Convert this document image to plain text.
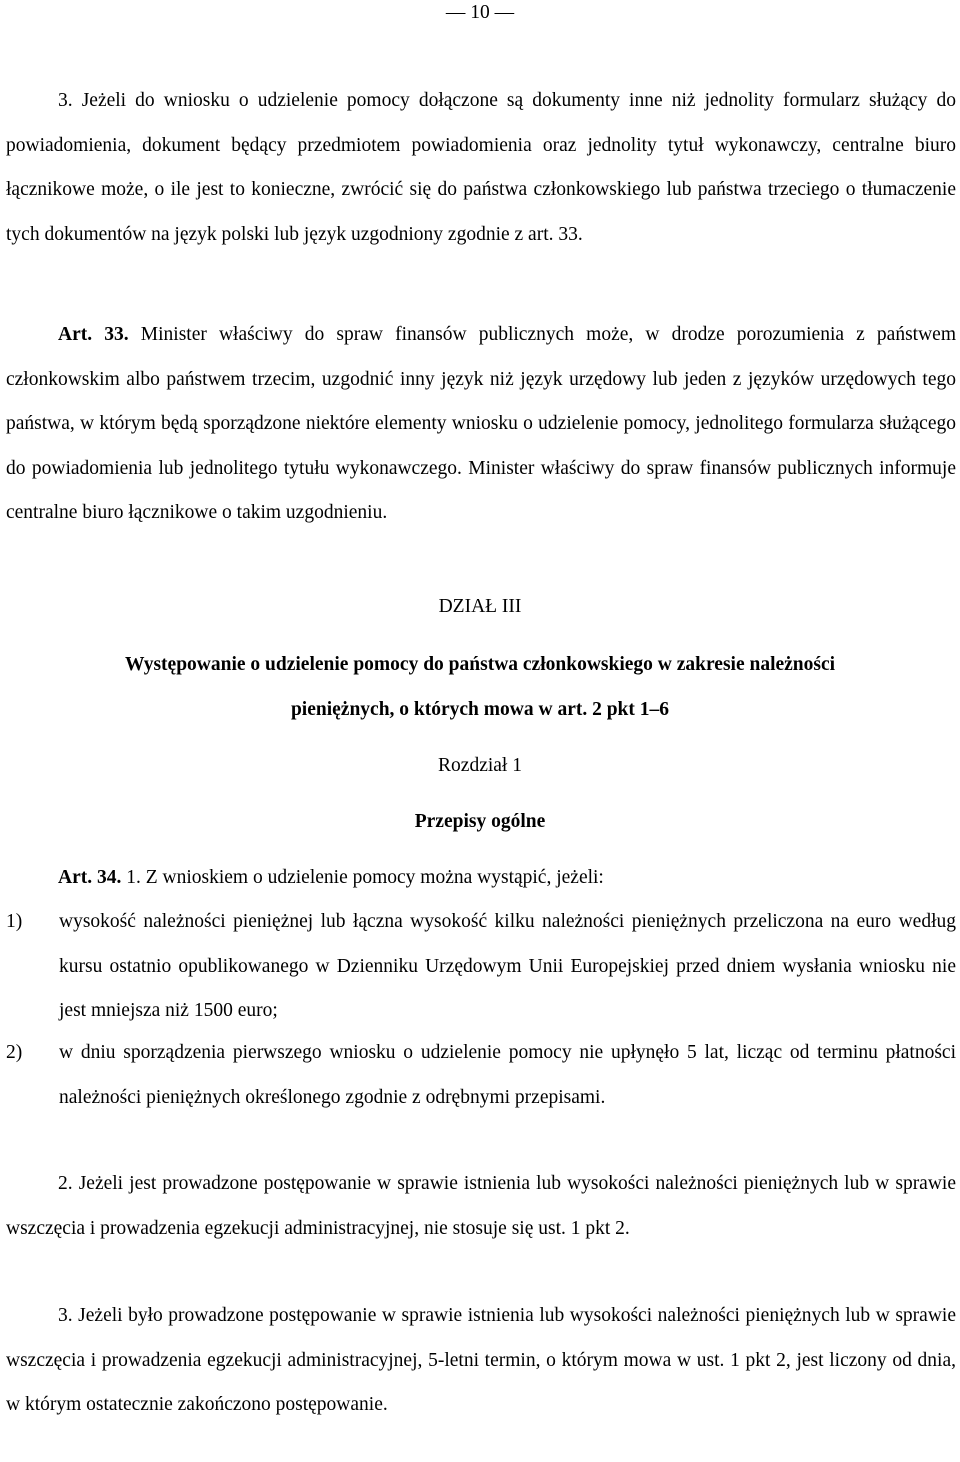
— 10 —

3. Jeżeli do wniosku o udzielenie pomocy dołączone są dokumenty inne niż jednolity formularz służący do powiadomienia, dokument będący przedmiotem powiadomienia oraz jednolity tytuł wykonawczy, centralne biuro łącznikowe może, o ile jest to konieczne, zwrócić się do państwa członkowskiego lub państwa trzeciego o tłumaczenie tych dokumentów na język polski lub język uzgodniony zgodnie z art. 33.

Art. 33. Minister właściwy do spraw finansów publicznych może, w drodze porozumienia z państwem członkowskim albo państwem trzecim, uzgodnić inny język niż język urzędowy lub jeden z języków urzędowych tego państwa, w którym będą sporządzone niektóre elementy wniosku o udzielenie pomocy, jednolitego formularza służącego do powiadomienia lub jednolitego tytułu wykonawczego. Minister właściwy do spraw finansów publicznych informuje centralne biuro łącznikowe o takim uzgodnieniu.

DZIAŁ III

Występowanie o udzielenie pomocy do państwa członkowskiego w zakresie należności

pieniężnych, o których mowa w art. 2 pkt 1–6

Rozdział 1

Przepisy ogólne

Art. 34. 1. Z wnioskiem o udzielenie pomocy można wystąpić, jeżeli:

1)	wysokość należności pieniężnej lub łączna wysokość kilku należności pieniężnych przeliczona na euro według kursu ostatnio opublikowanego w Dzienniku Urzędowym Unii Europejskiej przed dniem wysłania wniosku nie jest mniejsza niż 1500 euro;
2)	w dniu sporządzenia pierwszego wniosku o udzielenie pomocy nie upłynęło 5 lat, licząc od terminu płatności należności pieniężnych określonego zgodnie z odrębnymi przepisami.

2. Jeżeli jest prowadzone postępowanie w sprawie istnienia lub wysokości należności pieniężnych lub w sprawie wszczęcia i prowadzenia egzekucji administracyjnej, nie stosuje się ust. 1 pkt 2.

3. Jeżeli było prowadzone postępowanie w sprawie istnienia lub wysokości należności pieniężnych lub w sprawie wszczęcia i prowadzenia egzekucji administracyjnej, 5-letni termin, o którym mowa w ust. 1 pkt 2, jest liczony od dnia, w którym ostatecznie zakończono postępowanie.
